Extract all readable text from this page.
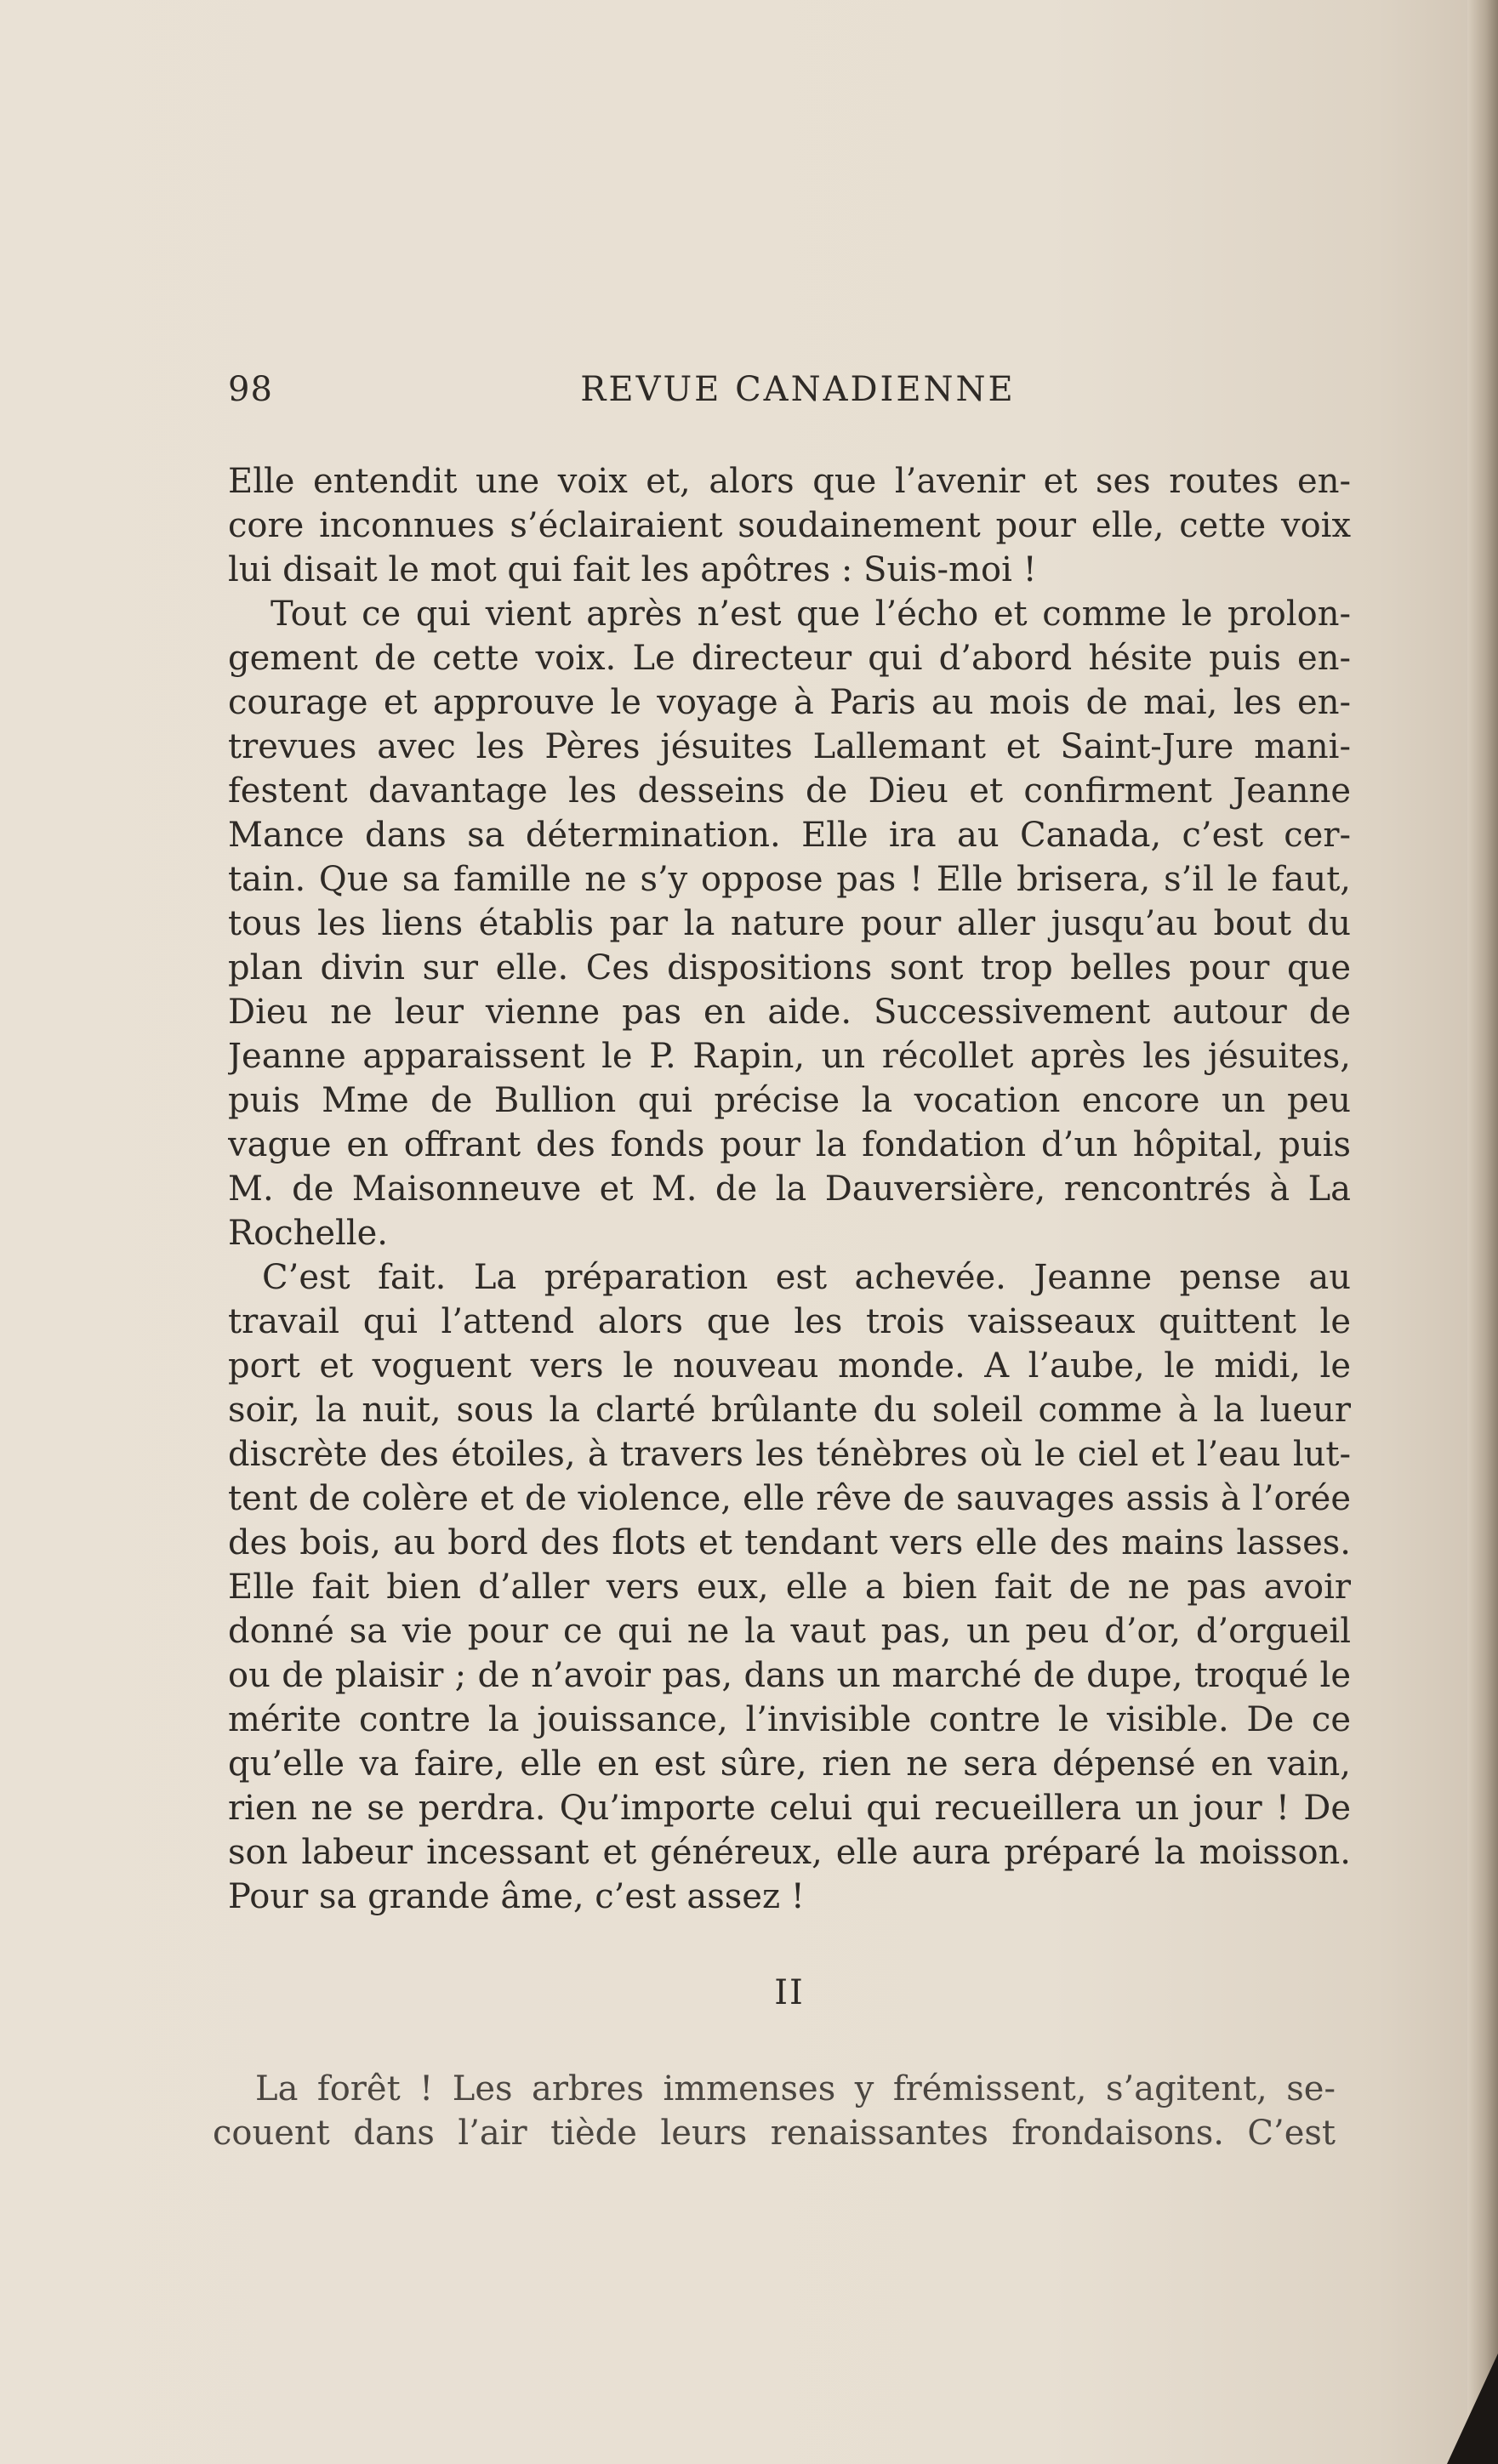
REVUE CANADIENNE
98
Elle entendit une voix et, alors que l’avenir et ses routes en-
core inconnues s’éclairaient soudainement pour elle, cette voix
lui disait le mot qui fait les apôtres : Suis-moi !
Tout ce qui vient après n’est que l’écho et comme le prolon-
gement de cette voix. Le directeur qui d’abord hésite puis en-
courage et approuve le voyage à Paris au mois de mai, les en-
trevues avec les Pères jésuites Lallemant et Saint-Jure mani-
festent davantage les desseins de Dieu et confirment Jeanne
Mance dans sa détermination. Elle ira au Canada, c’est cer-
tain. Que sa famille ne s’y oppose pas ! Elle brisera, s’il le faut,
tous les liens établis par la nature pour aller jusqu’au bout du
plan divin sur elle. Ces dispositions sont trop belles pour que
Dieu ne leur vienne pas en aide. Successivement autour de
Jeanne apparaissent le P. Rapin, un récollet après les jésuites,
puis Mme de Bullion qui précise la vocation encore un peu
vague en offrant des fonds pour la fondation d’un hôpital, puis
M. de Maisonneuve et M. de la Dauversière, rencontrés à La
Rochelle.
C’est fait. La préparation est achevée. Jeanne pense au
travail qui l’attend alors que les trois vaisseaux quittent le
port et voguent vers le nouveau monde. A l’aube, le midi, le
soir, la nuit, sous la clarté brûlante du soleil comme à la lueur
discrète des étoiles, à travers les ténèbres où le ciel et l’eau lut-
tent de colère et de violence, elle rêve de sauvages assis à l’orée
des bois, au bord des flots et tendant vers elle des mains lasses.
Elle fait bien d’aller vers eux, elle a bien fait de ne pas avoir
donné sa vie pour ce qui ne la vaut pas, un peu d’or, d’orgueil
ou de plaisir ; de n’avoir pas, dans un marché de dupe, troqué le
mérite contre la jouissance, l’invisible contre le visible. De ce
qu’elle va faire, elle en est sûre, rien ne sera dépensé en vain,
rien ne se perdra. Qu’importe celui qui recueillera un jour ! De
son labeur incessant et généreux, elle aura préparé la moisson.
Pour sa grande âme, c’est assez !
II
La forêt ! Les arbres immenses y frémissent, s’agitent, se-
couent dans l’air tiède leurs renaissantes frondaisons. C’est
